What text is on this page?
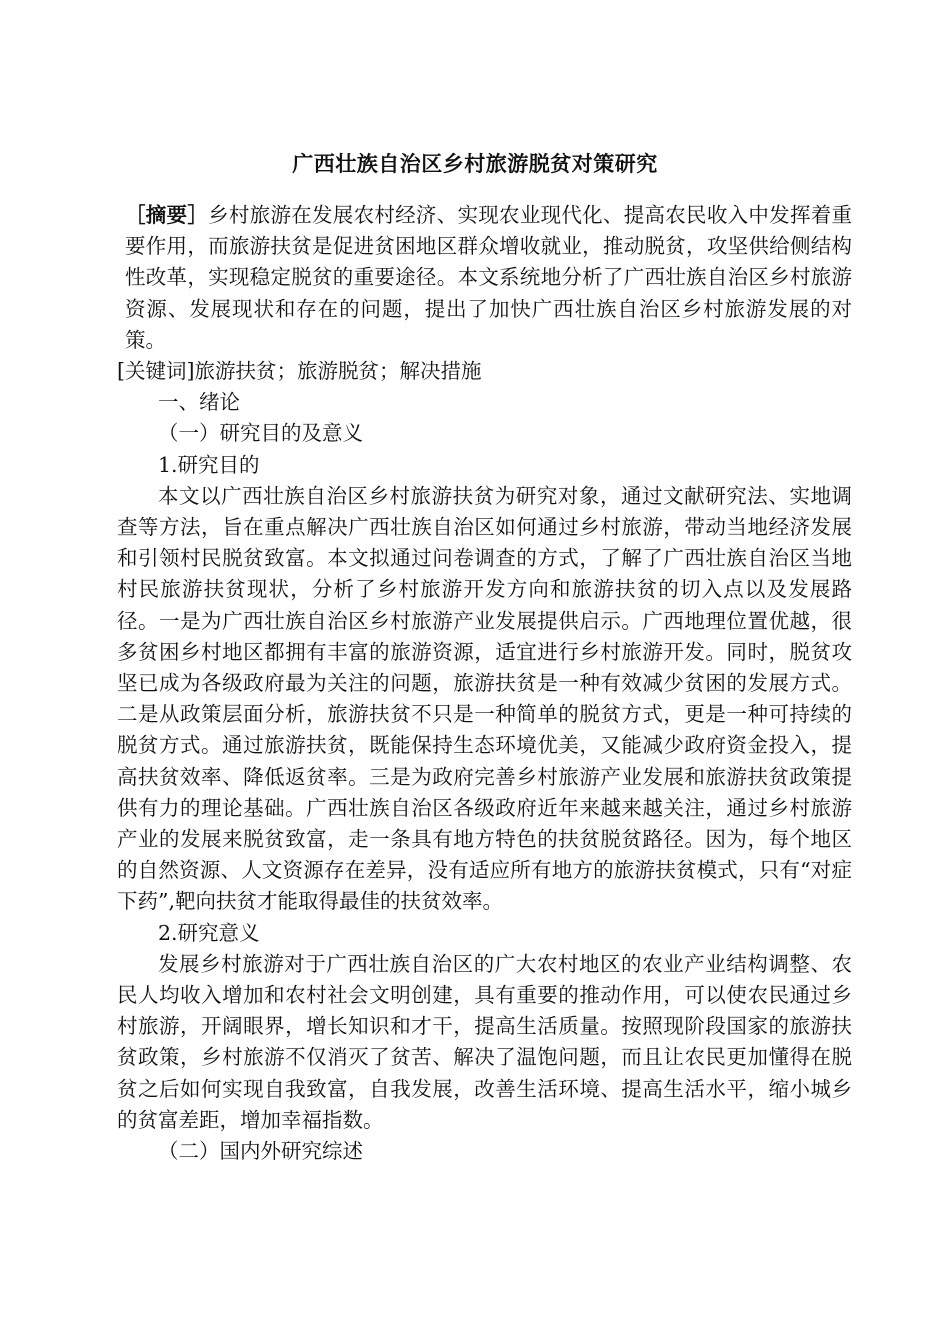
广西壮族自治区乡村旅游脱贫对策研究

［摘要］乡村旅游在发展农村经济、实现农业现代化、提高农民收入中发挥着重要作用，而旅游扶贫是促进贫困地区群众增收就业，推动脱贫，攻坚供给侧结构性改革，实现稳定脱贫的重要途径。本文系统地分析了广西壮族自治区乡村旅游资源、发展现状和存在的问题，提出了加快广西壮族自治区乡村旅游发展的对策。

[关键词]旅游扶贫；旅游脱贫；解决措施

一、绪论

（一）研究目的及意义

1.研究目的

本文以广西壮族自治区乡村旅游扶贫为研究对象，通过文献研究法、实地调查等方法，旨在重点解决广西壮族自治区如何通过乡村旅游，带动当地经济发展和引领村民脱贫致富。本文拟通过问卷调查的方式，了解了广西壮族自治区当地村民旅游扶贫现状，分析了乡村旅游开发方向和旅游扶贫的切入点以及发展路径。一是为广西壮族自治区乡村旅游产业发展提供启示。广西地理位置优越，很多贫困乡村地区都拥有丰富的旅游资源，适宜进行乡村旅游开发。同时，脱贫攻坚已成为各级政府最为关注的问题，旅游扶贫是一种有效减少贫困的发展方式。二是从政策层面分析，旅游扶贫不只是一种简单的脱贫方式，更是一种可持续的脱贫方式。通过旅游扶贫，既能保持生态环境优美，又能减少政府资金投入，提高扶贫效率、降低返贫率。三是为政府完善乡村旅游产业发展和旅游扶贫政策提供有力的理论基础。广西壮族自治区各级政府近年来越来越关注，通过乡村旅游产业的发展来脱贫致富，走一条具有地方特色的扶贫脱贫路径。因为，每个地区的自然资源、人文资源存在差异，没有适应所有地方的旅游扶贫模式，只有“对症下药”,靶向扶贫才能取得最佳的扶贫效率。

2.研究意义

发展乡村旅游对于广西壮族自治区的广大农村地区的农业产业结构调整、农民人均收入增加和农村社会文明创建，具有重要的推动作用，可以使农民通过乡村旅游，开阔眼界，增长知识和才干，提高生活质量。按照现阶段国家的旅游扶贫政策，乡村旅游不仅消灭了贫苦、解决了温饱问题，而且让农民更加懂得在脱贫之后如何实现自我致富，自我发展，改善生活环境、提高生活水平，缩小城乡的贫富差距，增加幸福指数。

（二）国内外研究综述
